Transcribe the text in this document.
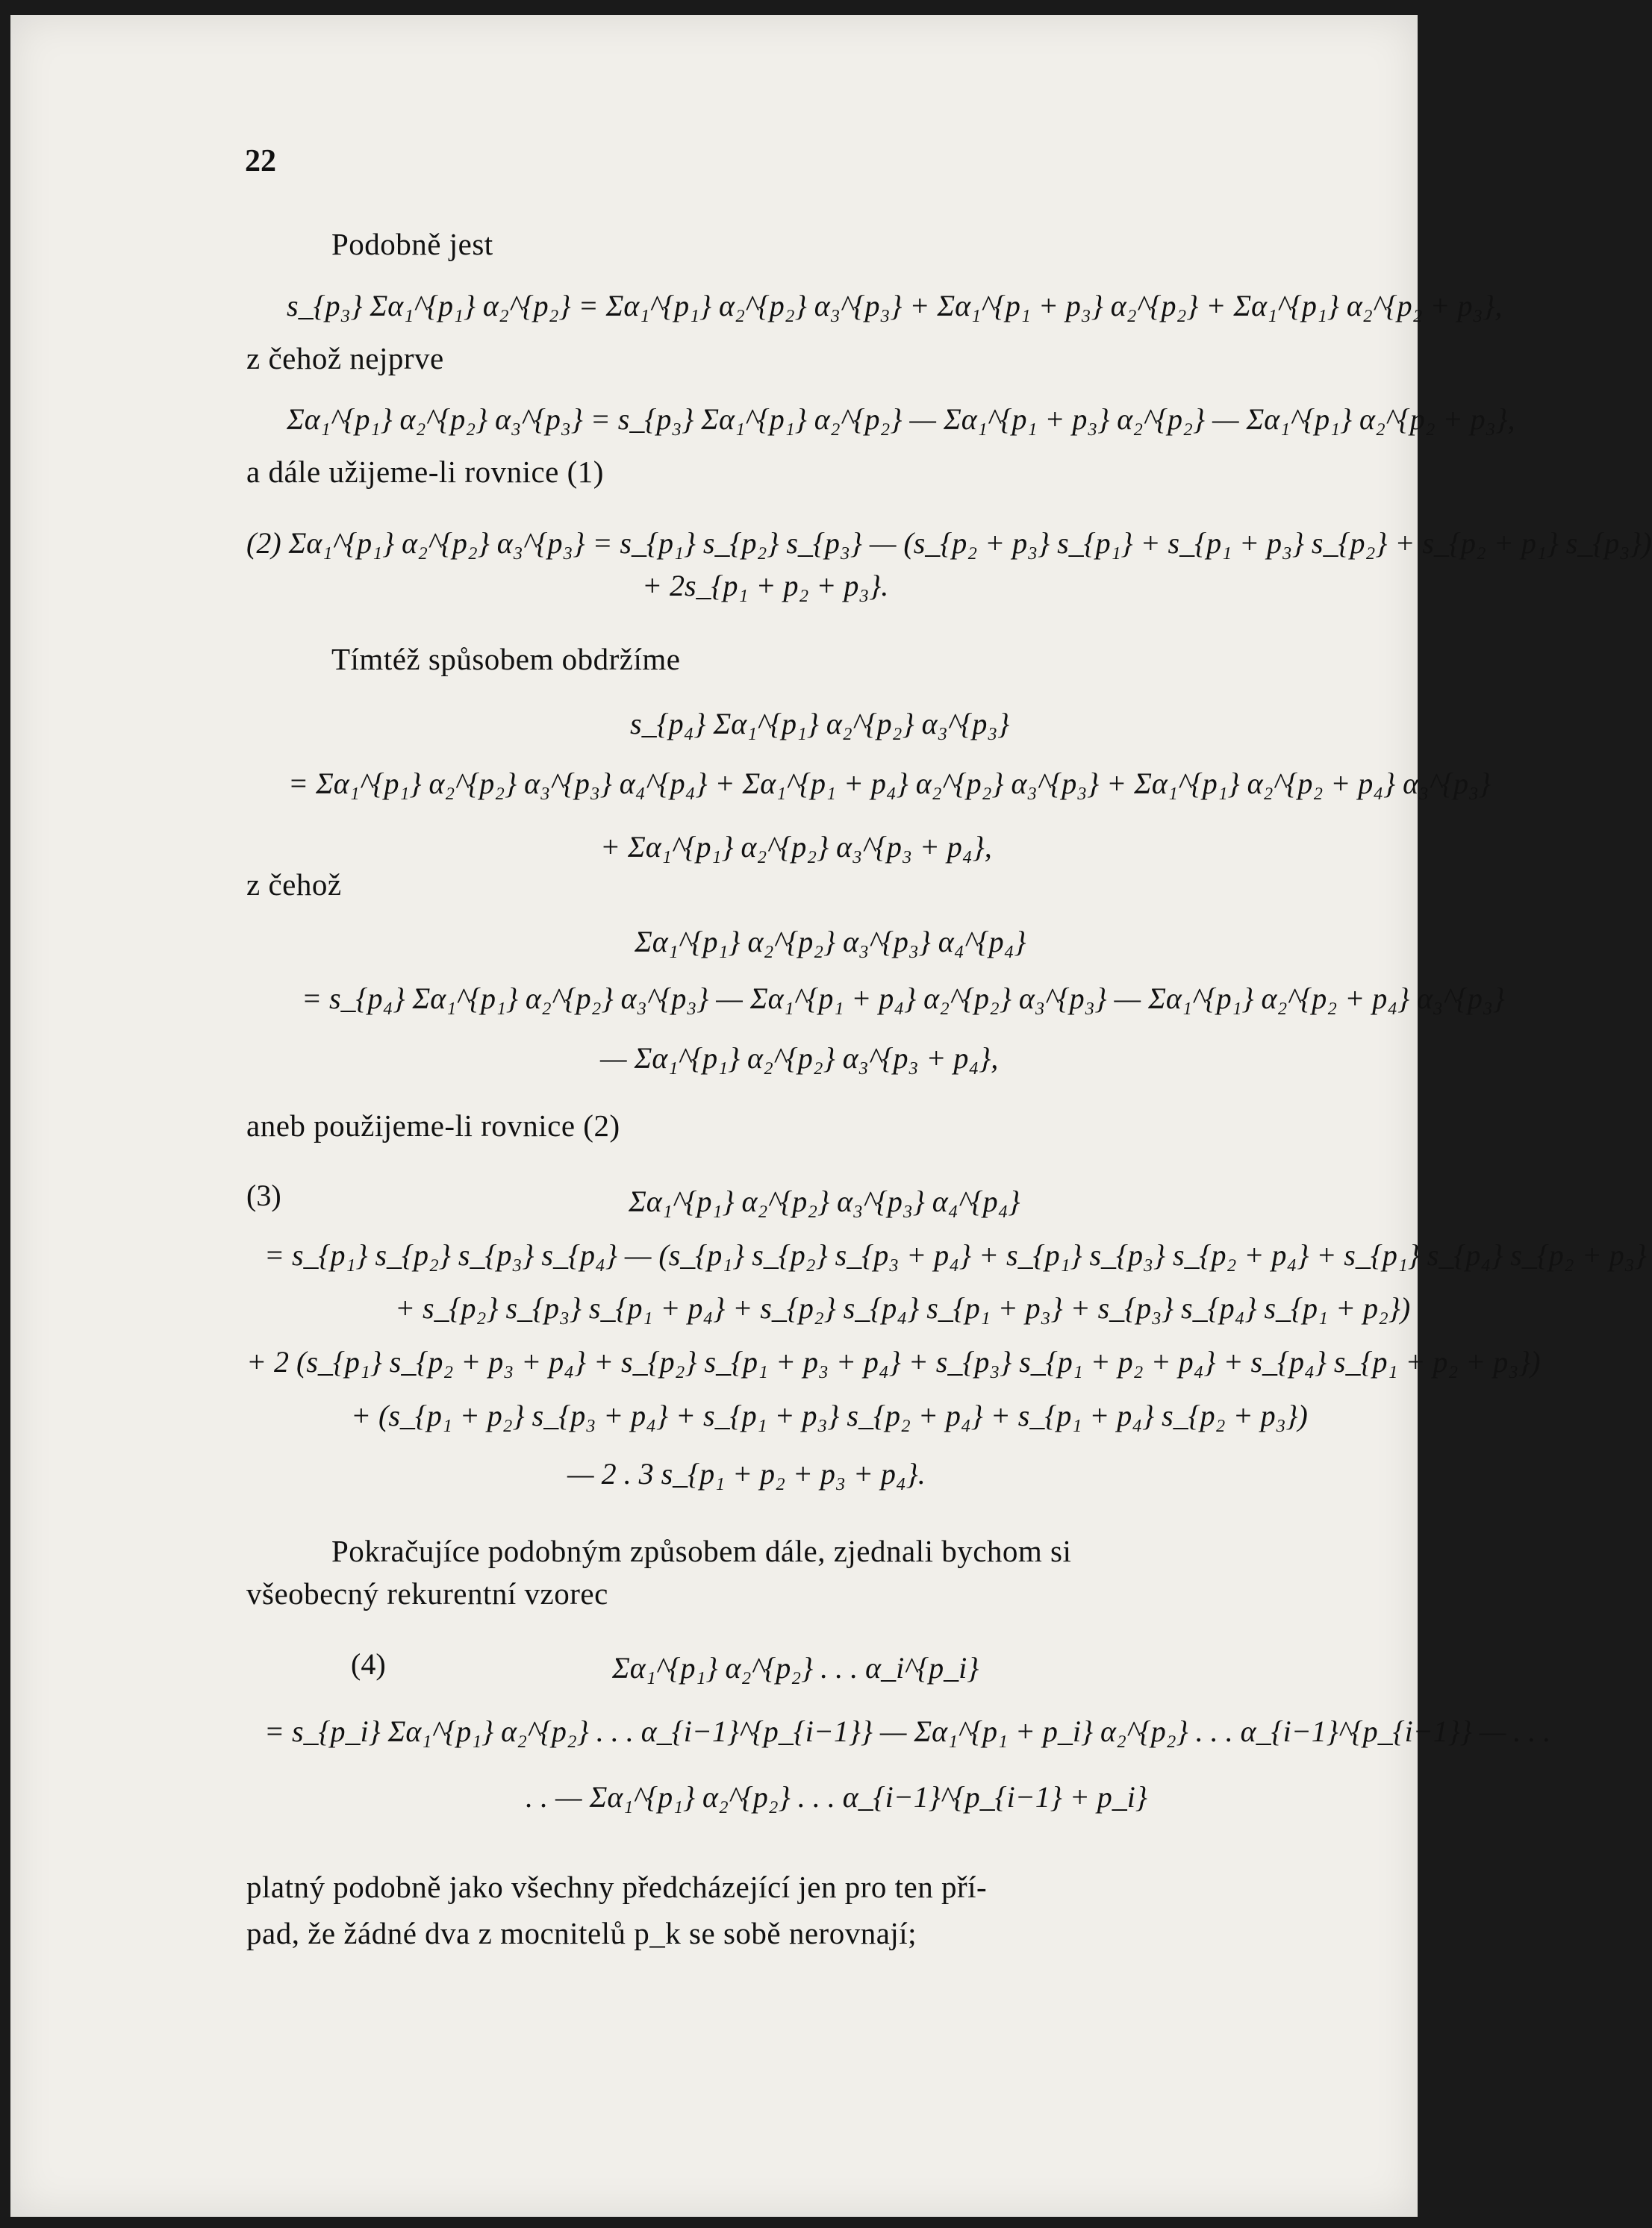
22
Podobně jest
s_{p₃} Σα₁^{p₁} α₂^{p₂} = Σα₁^{p₁} α₂^{p₂} α₃^{p₃} + Σα₁^{p₁ + p₃} α₂^{p₂} + Σα₁^{p₁} α₂^{p₂ + p₃},
z čehož nejprve
Σα₁^{p₁} α₂^{p₂} α₃^{p₃} = s_{p₃} Σα₁^{p₁} α₂^{p₂} — Σα₁^{p₁ + p₃} α₂^{p₂} — Σα₁^{p₁} α₂^{p₂ + p₃},
a dále užijeme-li rovnice (1)
(2) Σα₁^{p₁} α₂^{p₂} α₃^{p₃} = s_{p₁} s_{p₂} s_{p₃} — (s_{p₂ + p₃} s_{p₁} + s_{p₁ + p₃} s_{p₂} + s_{p₂ + p₁} s_{p₃})
+ 2s_{p₁ + p₂ + p₃}.
Tímtéž spůsobem obdržíme
s_{p₄} Σα₁^{p₁} α₂^{p₂} α₃^{p₃}
= Σα₁^{p₁} α₂^{p₂} α₃^{p₃} α₄^{p₄} + Σα₁^{p₁ + p₄} α₂^{p₂} α₃^{p₃} + Σα₁^{p₁} α₂^{p₂ + p₄} α₃^{p₃}
+ Σα₁^{p₁} α₂^{p₂} α₃^{p₃ + p₄},
z čehož
Σα₁^{p₁} α₂^{p₂} α₃^{p₃} α₄^{p₄}
= s_{p₄} Σα₁^{p₁} α₂^{p₂} α₃^{p₃} — Σα₁^{p₁ + p₄} α₂^{p₂} α₃^{p₃} — Σα₁^{p₁} α₂^{p₂ + p₄} α₃^{p₃}
— Σα₁^{p₁} α₂^{p₂} α₃^{p₃ + p₄},
aneb použijeme-li rovnice (2)
(3)	Σα₁^{p₁} α₂^{p₂} α₃^{p₃} α₄^{p₄}
= s_{p₁} s_{p₂} s_{p₃} s_{p₄} — (s_{p₁} s_{p₂} s_{p₃ + p₄} + s_{p₁} s_{p₃} s_{p₂ + p₄} + s_{p₁} s_{p₄} s_{p₂ + p₃}
+ s_{p₂} s_{p₃} s_{p₁ + p₄} + s_{p₂} s_{p₄} s_{p₁ + p₃} + s_{p₃} s_{p₄} s_{p₁ + p₂})
+ 2 (s_{p₁} s_{p₂ + p₃ + p₄} + s_{p₂} s_{p₁ + p₃ + p₄} + s_{p₃} s_{p₁ + p₂ + p₄} + s_{p₄} s_{p₁ + p₂ + p₃})
+ (s_{p₁ + p₂} s_{p₃ + p₄} + s_{p₁ + p₃} s_{p₂ + p₄} + s_{p₁ + p₄} s_{p₂ + p₃})
— 2 . 3 s_{p₁ + p₂ + p₃ + p₄}.
Pokračujíce podobným způsobem dále, zjednali bychom si
všeobecný rekurentní vzorec
(4)	Σα₁^{p₁} α₂^{p₂} . . . α_i^{p_i}
= s_{p_i} Σα₁^{p₁} α₂^{p₂} . . . α_{i−1}^{p_{i−1}} — Σα₁^{p₁ + p_i} α₂^{p₂} . . . α_{i−1}^{p_{i−1}} — . . .
. . — Σα₁^{p₁} α₂^{p₂} . . . α_{i−1}^{p_{i−1} + p_i}
platný podobně jako všechny předcházející jen pro ten pří-
pad, že žádné dva z mocnitelů p_k se sobě nerovnají;
